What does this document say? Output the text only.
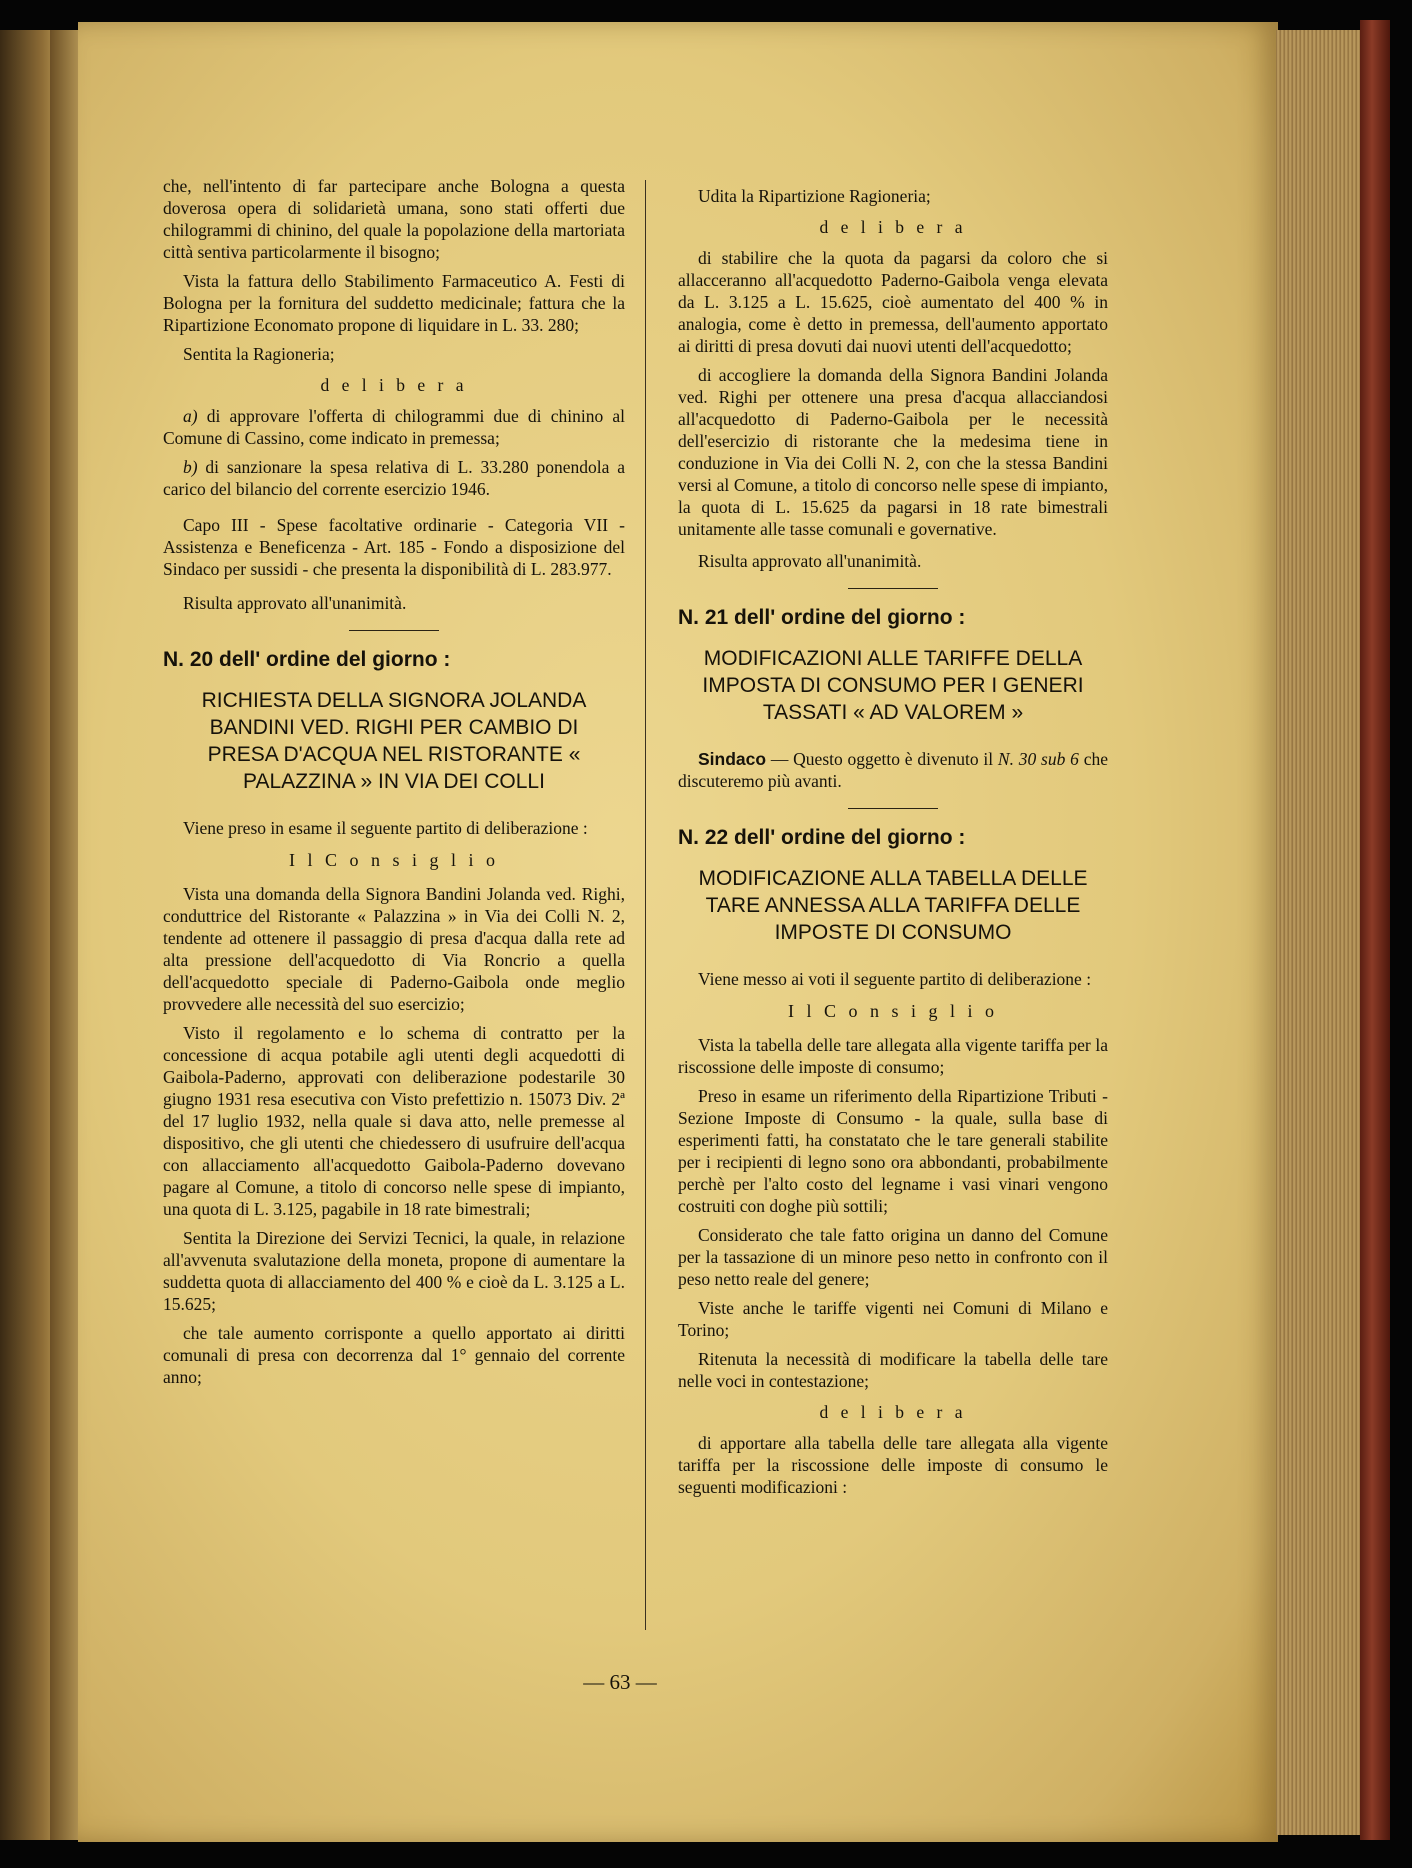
che, nell'intento di far partecipare anche Bologna a questa doverosa opera di solidarietà umana, sono stati offerti due chilogrammi di chinino, del quale la popolazione della martoriata città sentiva particolarmente il bisogno;

Vista la fattura dello Stabilimento Farmaceutico A. Festi di Bologna per la fornitura del suddetto medicinale; fattura che la Ripartizione Economato propone di liquidare in L. 33. 280;

Sentita la Ragioneria;

d e l i b e r a

a) di approvare l'offerta di chilogrammi due di chinino al Comune di Cassino, come indicato in premessa;

b) di sanzionare la spesa relativa di L. 33.280 ponendola a carico del bilancio del corrente esercizio 1946.

Capo III - Spese facoltative ordinarie - Categoria VII - Assistenza e Beneficenza - Art. 185 - Fondo a disposizione del Sindaco per sussidi - che presenta la disponibilità di L. 283.977.

Risulta approvato all'unanimità.

N. 20 dell' ordine del giorno :
RICHIESTA DELLA SIGNORA JOLANDA BANDINI VED. RIGHI PER CAMBIO DI PRESA D'ACQUA NEL RISTORANTE « PALAZZINA » IN VIA DEI COLLI

Viene preso in esame il seguente partito di deliberazione :

I l C o n s i g l i o

Vista una domanda della Signora Bandini Jolanda ved. Righi, conduttrice del Ristorante « Palazzina » in Via dei Colli N. 2, tendente ad ottenere il passaggio di presa d'acqua dalla rete ad alta pressione dell'acquedotto di Via Roncrio a quella dell'acquedotto speciale di Paderno-Gaibola onde meglio provvedere alle necessità del suo esercizio;

Visto il regolamento e lo schema di contratto per la concessione di acqua potabile agli utenti degli acquedotti di Gaibola-Paderno, approvati con deliberazione podestarile 30 giugno 1931 resa esecutiva con Visto prefettizio n. 15073 Div. 2ª del 17 luglio 1932, nella quale si dava atto, nelle premesse al dispositivo, che gli utenti che chiedessero di usufruire dell'acqua con allacciamento all'acquedotto Gaibola-Paderno dovevano pagare al Comune, a titolo di concorso nelle spese di impianto, una quota di L. 3.125, pagabile in 18 rate bimestrali;

Sentita la Direzione dei Servizi Tecnici, la quale, in relazione all'avvenuta svalutazione della moneta, propone di aumentare la suddetta quota di allacciamento del 400 % e cioè da L. 3.125 a L. 15.625;

che tale aumento corrisponte a quello apportato ai diritti comunali di presa con decorrenza dal 1° gennaio del corrente anno;

Udita la Ripartizione Ragioneria;

d e l i b e r a

di stabilire che la quota da pagarsi da coloro che si allacceranno all'acquedotto Paderno-Gaibola venga elevata da L. 3.125 a L. 15.625, cioè aumentato del 400 % in analogia, come è detto in premessa, dell'aumento apportato ai diritti di presa dovuti dai nuovi utenti dell'acquedotto;

di accogliere la domanda della Signora Bandini Jolanda ved. Righi per ottenere una presa d'acqua allacciandosi all'acquedotto di Paderno-Gaibola per le necessità dell'esercizio di ristorante che la medesima tiene in conduzione in Via dei Colli N. 2, con che la stessa Bandini versi al Comune, a titolo di concorso nelle spese di impianto, la quota di L. 15.625 da pagarsi in 18 rate bimestrali unitamente alle tasse comunali e governative.

Risulta approvato all'unanimità.

N. 21 dell' ordine del giorno :
MODIFICAZIONI ALLE TARIFFE DELLA IMPOSTA DI CONSUMO PER I GENERI TASSATI « AD VALOREM »

Sindaco — Questo oggetto è divenuto il N. 30 sub 6 che discuteremo più avanti.

N. 22 dell' ordine del giorno :
MODIFICAZIONE ALLA TABELLA DELLE TARE ANNESSA ALLA TARIFFA DELLE IMPOSTE DI CONSUMO

Viene messo ai voti il seguente partito di deliberazione :

I l C o n s i g l i o

Vista la tabella delle tare allegata alla vigente tariffa per la riscossione delle imposte di consumo;

Preso in esame un riferimento della Ripartizione Tributi - Sezione Imposte di Consumo - la quale, sulla base di esperimenti fatti, ha constatato che le tare generali stabilite per i recipienti di legno sono ora abbondanti, probabilmente perchè per l'alto costo del legname i vasi vinari vengono costruiti con doghe più sottili;

Considerato che tale fatto origina un danno del Comune per la tassazione di un minore peso netto in confronto con il peso netto reale del genere;

Viste anche le tariffe vigenti nei Comuni di Milano e Torino;

Ritenuta la necessità di modificare la tabella delle tare nelle voci in contestazione;

d e l i b e r a

di apportare alla tabella delle tare allegata alla vigente tariffa per la riscossione delle imposte di consumo le seguenti modificazioni :

— 63 —
